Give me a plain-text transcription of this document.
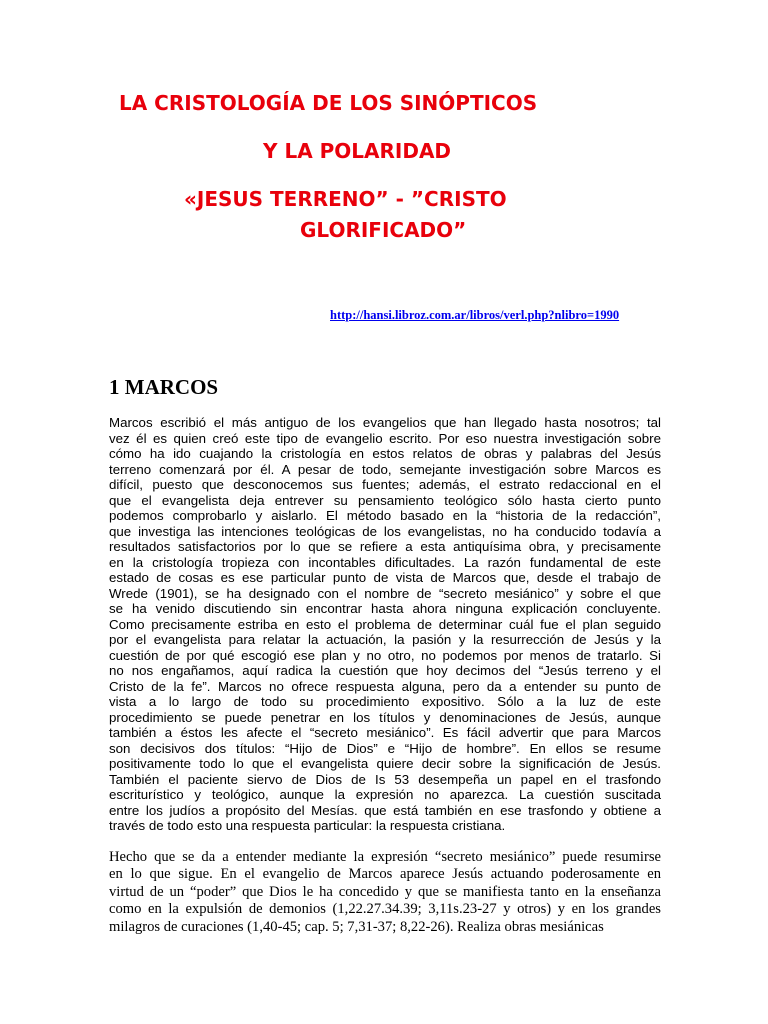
LA CRISTOLOGÍA DE LOS SINÓPTICOS
Y LA POLARIDAD
«JESUS TERRENO” - ”CRISTO
GLORIFICADO”
http://hansi.libroz.com.ar/libros/verl.php?nlibro=1990
1 MARCOS
Marcos escribió el más antiguo de los evangelios que han llegado hasta nosotros; tal
vez él es quien creó este tipo de evangelio escrito. Por eso nuestra investigación sobre
cómo ha ido cuajando la cristología en estos relatos de obras y palabras del Jesús
terreno comenzará por él. A pesar de todo, semejante investigación sobre Marcos es
difícil, puesto que desconocemos sus fuentes; además, el estrato redaccional en el
que el evangelista deja entrever su pensamiento teológico sólo hasta cierto punto
podemos comprobarlo y aislarlo. El método basado en la “historia de la redacción”,
que investiga las intenciones teológicas de los evangelistas, no ha conducido todavía a
resultados satisfactorios por lo que se refiere a esta antiquísima obra, y precisamente
en la cristología tropieza con incontables dificultades. La razón fundamental de este
estado de cosas es ese particular punto de vista de Marcos que, desde el trabajo de
Wrede (1901), se ha designado con el nombre de “secreto mesiánico” y sobre el que
se ha venido discutiendo sin encontrar hasta ahora ninguna explicación concluyente.
Como precisamente estriba en esto el problema de determinar cuál fue el plan seguido
por el evangelista para relatar la actuación, la pasión y la resurrección de Jesús y la
cuestión de por qué escogió ese plan y no otro, no podemos por menos de tratarlo. Si
no nos engañamos, aquí radica la cuestión que hoy decimos del “Jesús terreno y el
Cristo de la fe”. Marcos no ofrece respuesta alguna, pero da a entender su punto de
vista a lo largo de todo su procedimiento expositivo. Sólo a la luz de este
procedimiento se puede penetrar en los títulos y denominaciones de Jesús, aunque
también a éstos les afecte el “secreto mesiánico”. Es fácil advertir que para Marcos
son decisivos dos títulos: “Hijo de Dios” e “Hijo de hombre”. En ellos se resume
positivamente todo lo que el evangelista quiere decir sobre la significación de Jesús.
También el paciente siervo de Dios de Is 53 desempeña un papel en el trasfondo
escriturístico y teológico, aunque la expresión no aparezca. La cuestión suscitada
entre los judíos a propósito del Mesías. que está también en ese trasfondo y obtiene a
través de todo esto una respuesta particular: la respuesta cristiana.
Hecho que se da a entender mediante la expresión “secreto mesiánico” puede resumirse
en lo que sigue. En el evangelio de Marcos aparece Jesús actuando poderosamente en
virtud de un “poder” que Dios le ha concedido y que se manifiesta tanto en la enseñanza
como en la expulsión de demonios (1,22.27.34.39; 3,11s.23-27 y otros) y en los grandes
milagros de curaciones (1,40-45; cap. 5; 7,31-37; 8,22-26). Realiza obras mesiánicas
